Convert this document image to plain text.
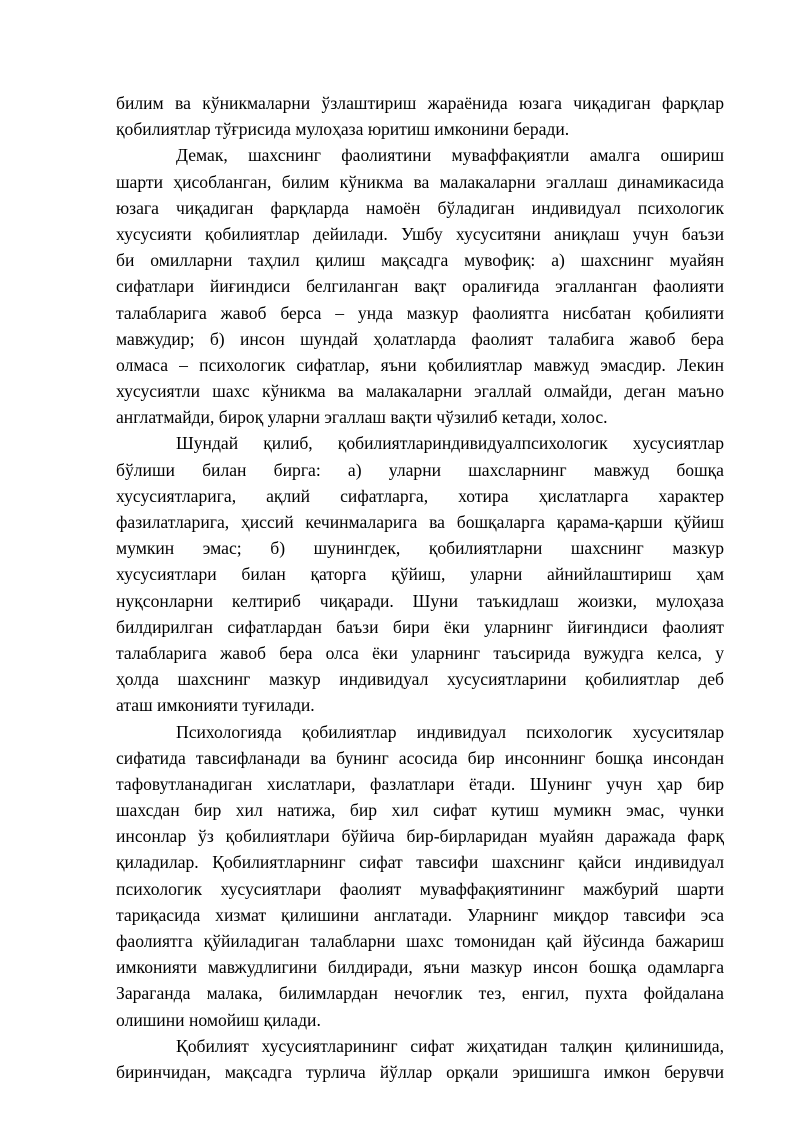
билим ва кўникмаларни ўзлаштириш жараёнида юзага чиқадиган фарқлар
қобилиятлар тўғрисида мулоҳаза юритиш имконини беради.
Демак, шахснинг фаолиятини муваффақиятли амалга ошириш
шарти ҳисобланган, билим кўникма ва малакаларни эгаллаш динамикасида
юзага чиқадиган фарқларда намоён бўладиган индивидуал психологик
хусусияти қобилиятлар дейилади. Ушбу хусуситяни аниқлаш учун баъзи
би омилларни таҳлил қилиш мақсадга мувофиқ: а) шахснинг муайян
сифатлари йиғиндиси белгиланган вақт оралиғида эгалланган фаолияти
талабларига жавоб берса – унда мазкур фаолиятга нисбатан қобилияти
мавжудир; б) инсон шундай ҳолатларда фаолият талабига жавоб бера
олмаса – психологик сифатлар, яъни қобилиятлар мавжуд эмасдир. Лекин
хусусиятли шахс кўникма ва малакаларни эгаллай олмайди, деган маъно
англатмайди, бироқ уларни эгаллаш вақти чўзилиб кетади, холос.
Шундай қилиб, қобилиятлариндивидуалпсихологик хусусиятлар
бўлиши билан бирга: а) уларни шахсларнинг мавжуд бошқа
хусусиятларига, ақлий сифатларга, хотира ҳислатларга характер
фазилатларига, ҳиссий кечинмаларига ва бошқаларга қарама-қарши қўйиш
мумкин эмас; б) шунингдек, қобилиятларни шахснинг мазкур
хусусиятлари билан қаторга қўйиш, уларни айнийлаштириш ҳам
нуқсонларни келтириб чиқаради. Шуни таъкидлаш жоизки, мулоҳаза
билдирилган сифатлардан баъзи бири ёки уларнинг йиғиндиси фаолият
талабларига жавоб бера олса ёки уларнинг таъсирида вужудга келса, у
ҳолда шахснинг мазкур индивидуал хусусиятларини қобилиятлар деб
аташ имконияти туғилади.
Психологияда қобилиятлар индивидуал психологик хусуситялар
сифатида тавсифланади ва бунинг асосида бир инсоннинг бошқа инсондан
тафовутланадиган хислатлари, фазлатлари ётади. Шунинг учун ҳар бир
шахсдан бир хил натижа, бир хил сифат кутиш мумикн эмас, чунки
инсонлар ўз қобилиятлари бўйича бир-бирларидан муайян даражада фарқ
қиладилар. Қобилиятларнинг сифат тавсифи шахснинг қайси индивидуал
психологик хусусиятлари фаолият муваффақиятининг мажбурий шарти
тариқасида хизмат қилишини англатади. Уларнинг миқдор тавсифи эса
фаолиятга қўйиладиган талабларни шахс томонидан қай йўсинда бажариш
имконияти мавжудлигини билдиради, яъни мазкур инсон бошқа одамларга
Зараганда малака, билимлардан нечоғлик тез, енгил, пухта фойдалана
олишини номойиш қилади.
Қобилият хусусиятларининг сифат жиҳатидан талқин қилинишида,
биринчидан, мақсадга турлича йўллар орқали эришишга имкон берувчи
